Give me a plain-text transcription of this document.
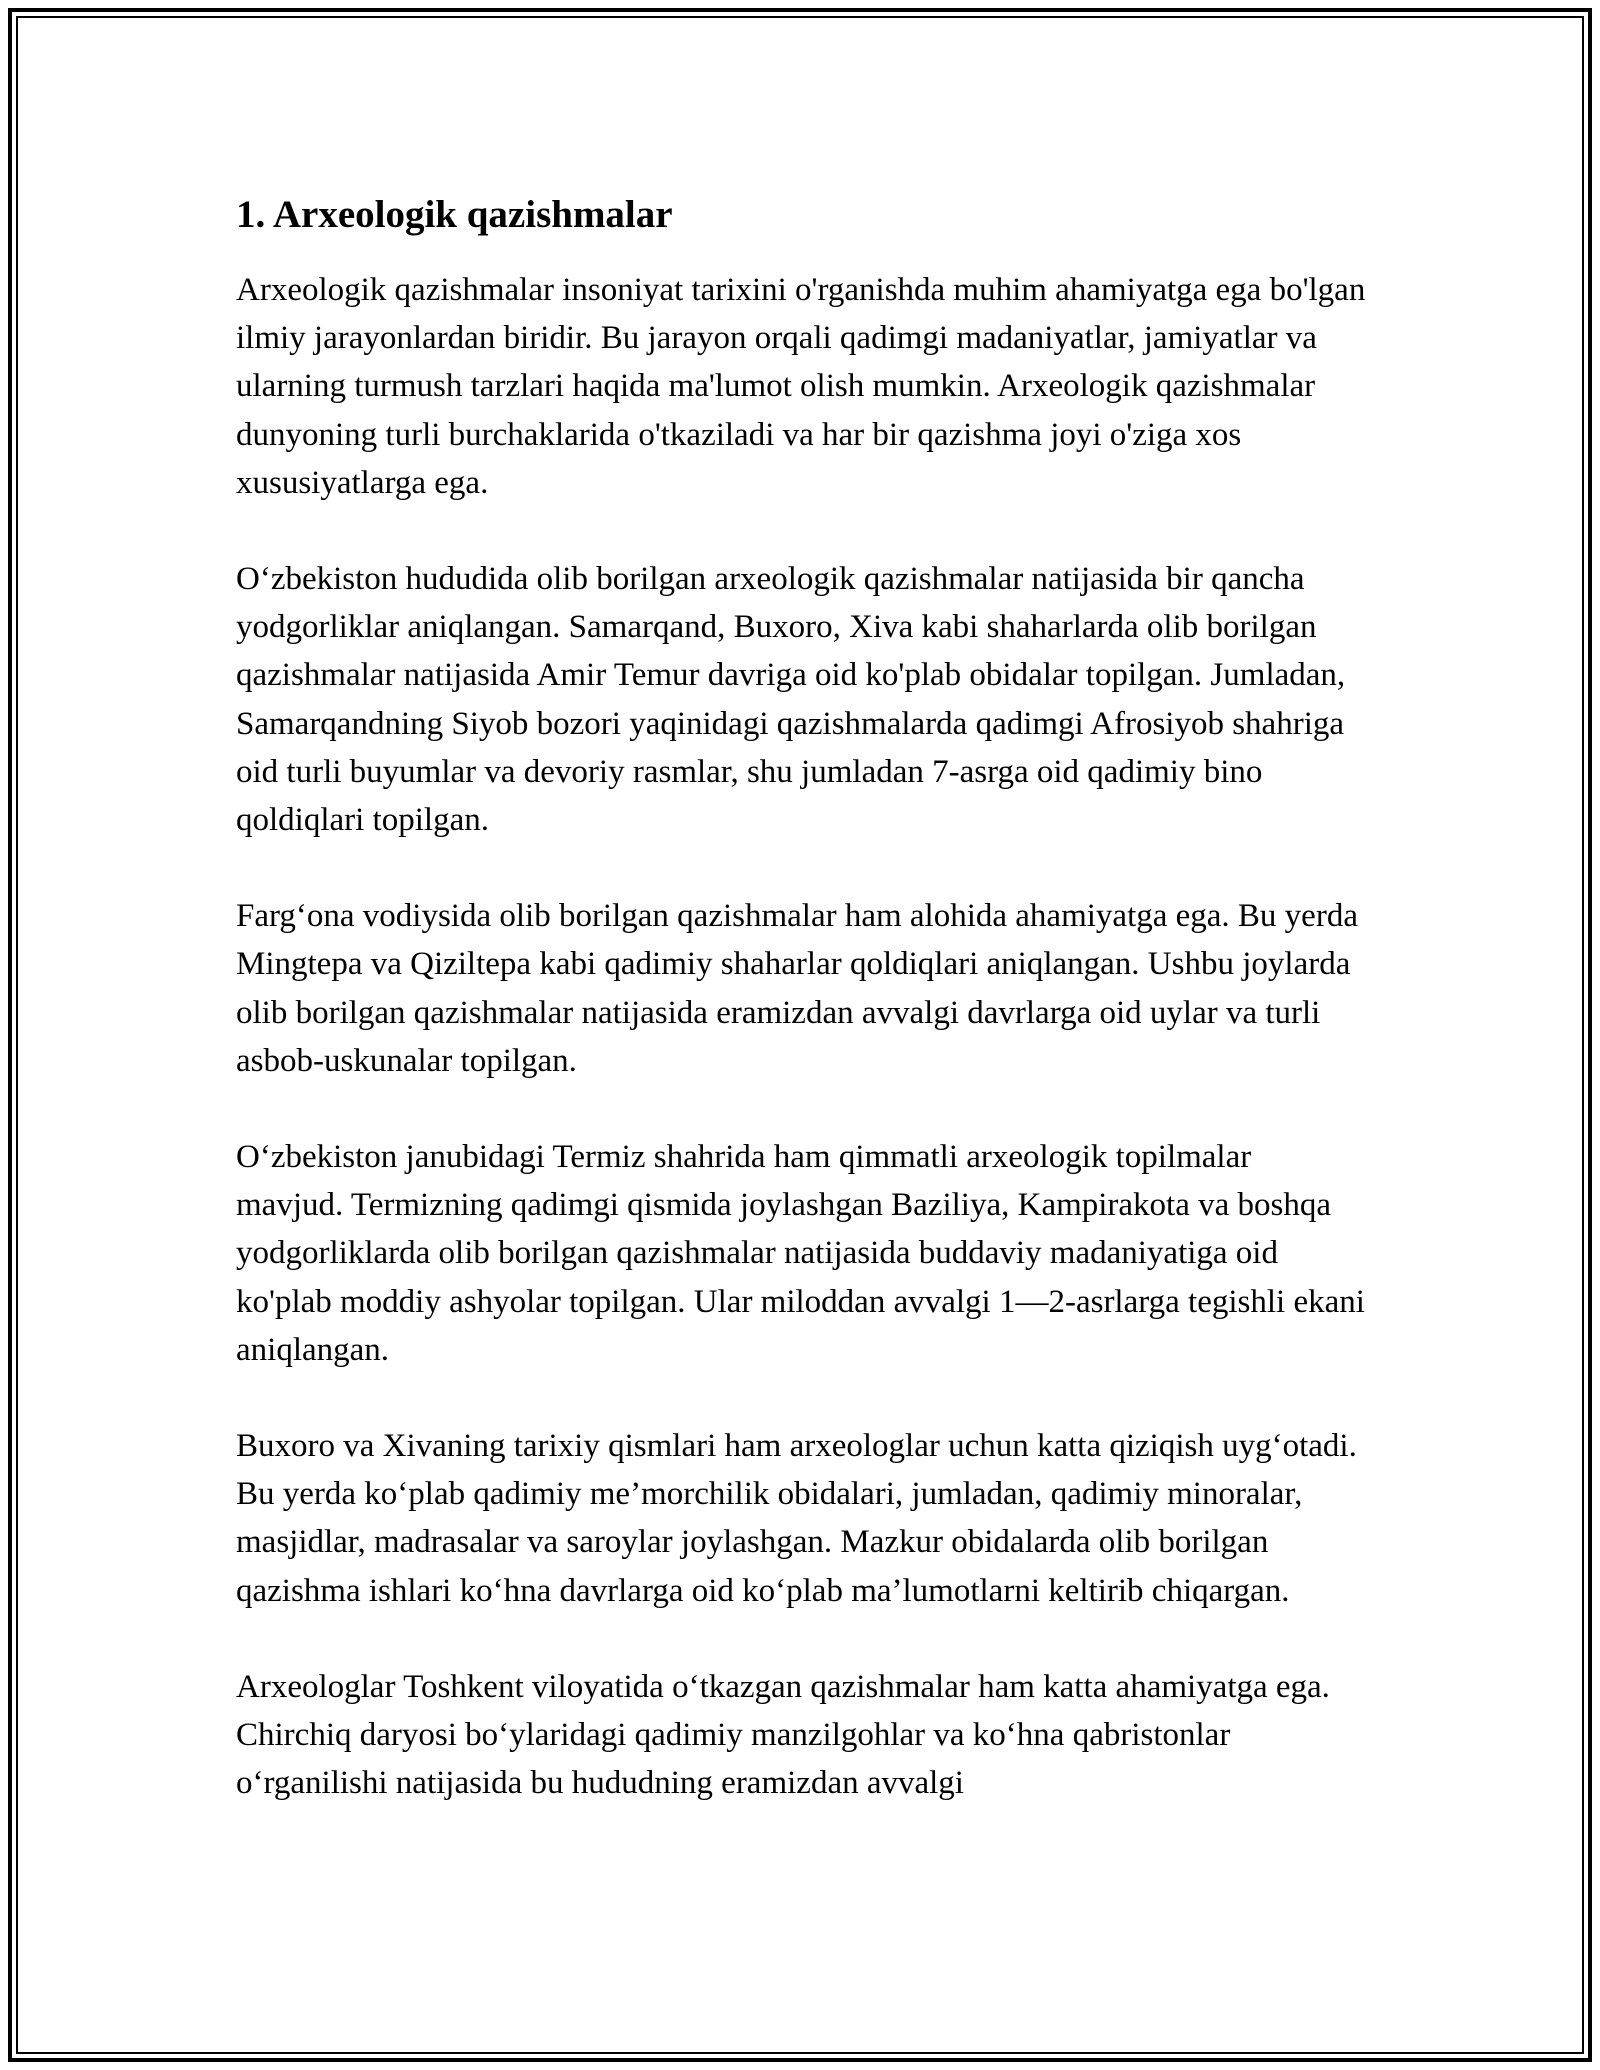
1. Arxeologik qazishmalar

Arxeologik qazishmalar insoniyat tarixini o'rganishda muhim ahamiyatga ega bo'lgan ilmiy jarayonlardan biridir. Bu jarayon orqali qadimgi madaniyatlar, jamiyatlar va ularning turmush tarzlari haqida ma'lumot olish mumkin. Arxeologik qazishmalar dunyoning turli burchaklarida o'tkaziladi va har bir qazishma joyi o'ziga xos xususiyatlarga ega.

O‘zbekiston hududida olib borilgan arxeologik qazishmalar natijasida bir qancha yodgorliklar aniqlangan. Samarqand, Buxoro, Xiva kabi shaharlarda olib borilgan qazishmalar natijasida Amir Temur davriga oid ko'plab obidalar topilgan. Jumladan, Samarqandning Siyob bozori yaqinidagi qazishmalarda qadimgi Afrosiyob shahriga oid turli buyumlar va devoriy rasmlar, shu jumladan 7-asrga oid qadimiy bino qoldiqlari topilgan.

Farg‘ona vodiysida olib borilgan qazishmalar ham alohida ahamiyatga ega. Bu yerda Mingtepa va Qiziltepa kabi qadimiy shaharlar qoldiqlari aniqlangan. Ushbu joylarda olib borilgan qazishmalar natijasida eramizdan avvalgi davrlarga oid uylar va turli asbob-uskunalar topilgan.

O‘zbekiston janubidagi Termiz shahrida ham qimmatli arxeologik topilmalar mavjud. Termizning qadimgi qismida joylashgan Baziliya, Kampirakota va boshqa yodgorliklarda olib borilgan qazishmalar natijasida buddaviy madaniyatiga oid ko'plab moddiy ashyolar topilgan. Ular miloddan avvalgi 1—2-asrlarga tegishli ekani aniqlangan.

Buxoro va Xivaning tarixiy qismlari ham arxeologlar uchun katta qiziqish uyg‘otadi. Bu yerda ko‘plab qadimiy me’morchilik obidalari, jumladan, qadimiy minoralar, masjidlar, madrasalar va saroylar joylashgan. Mazkur obidalarda olib borilgan qazishma ishlari ko‘hna davrlarga oid ko‘plab ma’lumotlarni keltirib chiqargan.

Arxeologlar Toshkent viloyatida o‘tkazgan qazishmalar ham katta ahamiyatga ega. Chirchiq daryosi bo‘ylaridagi qadimiy manzilgohlar va ko‘hna qabristonlar o‘rganilishi natijasida bu hududning eramizdan avvalgi
